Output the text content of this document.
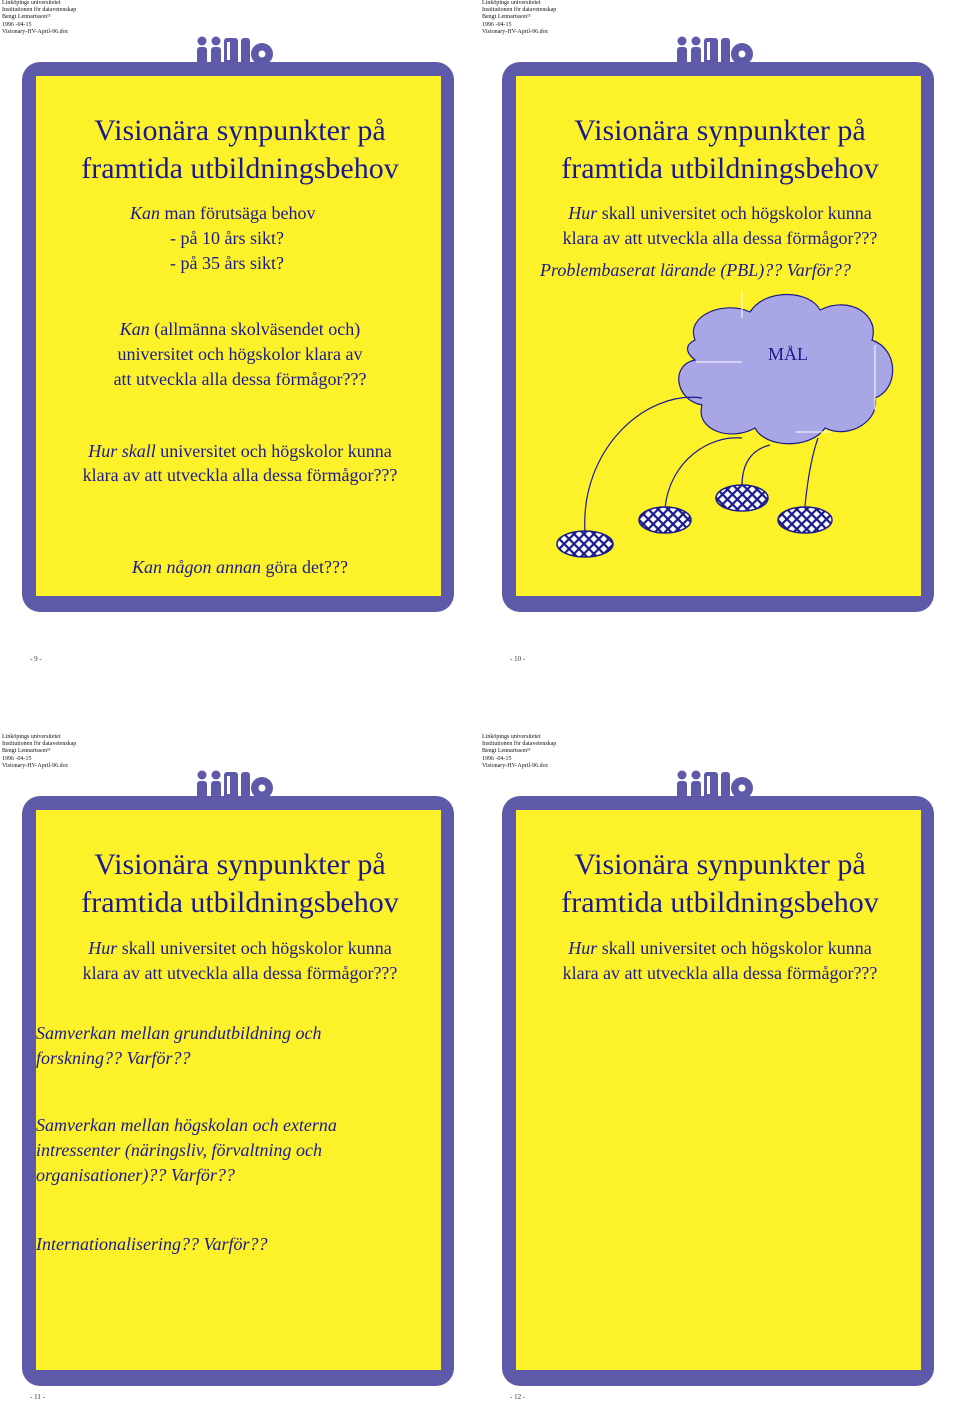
Linköpings universitetet
Institutionen för datavetenskap
Bengt Lennartsson¹¹
1996 -04-15
Visionary-HV-April-96.doc
Visionära synpunkter på
framtida utbildningsbehov
Kan man förutsäga behov
- på 10 års sikt?
- på 35 års sikt?
Kan (allmänna skolväsendet och)
universitet och högskolor klara av
att utveckla alla dessa förmågor???
Hur skall universitet och högskolor kunna
klara av att utveckla alla dessa förmågor???
Kan någon annan göra det???
- 9 -
Linköpings universitetet
Institutionen för datavetenskap
Bengt Lennartsson¹¹
1996 -04-15
Visionary-HV-April-96.doc
Visionära synpunkter på
framtida utbildningsbehov
Hur skall universitet och högskolor kunna
klara av att utveckla alla dessa förmågor???
Problembaserat lärande (PBL)?? Varför??
MÅL
- 10 -
Linköpings universitetet
Institutionen för datavetenskap
Bengt Lennartsson¹¹
1996 -04-15
Visionary-HV-April-96.doc
Visionära synpunkter på
framtida utbildningsbehov
Hur skall universitet och högskolor kunna
klara av att utveckla alla dessa förmågor???
Samverkan mellan grundutbildning och
forskning?? Varför??
Samverkan mellan högskolan och externa
intressenter (näringsliv, förvaltning och
organisationer)?? Varför??
Internationalisering?? Varför??
- 11 -
Linköpings universitetet
Institutionen för datavetenskap
Bengt Lennartsson¹¹
1996 -04-15
Visionary-HV-April-96.doc
Visionära synpunkter på
framtida utbildningsbehov
Hur skall universitet och högskolor kunna
klara av att utveckla alla dessa förmågor???
- 12 -
